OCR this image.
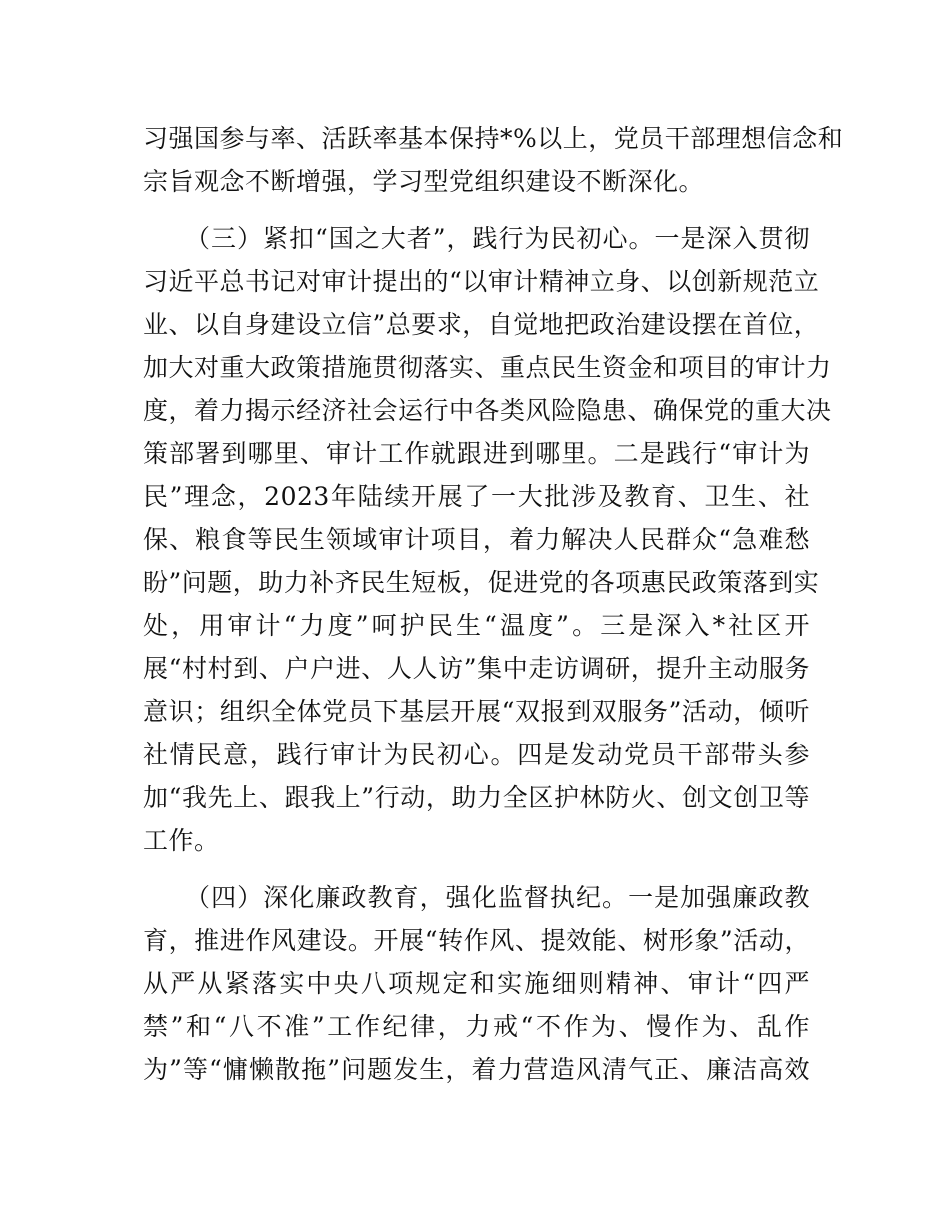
习强国参与率、活跃率基本保持*%以上，党员干部理想信念和
宗旨观念不断增强，学习型党组织建设不断深化。
（三）紧扣“国之大者”，践行为民初心。一是深入贯彻
习近平总书记对审计提出的“以审计精神立身、以创新规范立
业、以自身建设立信”总要求，自觉地把政治建设摆在首位，
加大对重大政策措施贯彻落实、重点民生资金和项目的审计力
度，着力揭示经济社会运行中各类风险隐患、确保党的重大决
策部署到哪里、审计工作就跟进到哪里。二是践行“审计为
民”理念，2023年陆续开展了一大批涉及教育、卫生、社
保、粮食等民生领域审计项目，着力解决人民群众“急难愁
盼”问题，助力补齐民生短板，促进党的各项惠民政策落到实
处，用审计“力度”呵护民生“温度”。三是深入*社区开
展“村村到、户户进、人人访”集中走访调研，提升主动服务
意识；组织全体党员下基层开展“双报到双服务”活动，倾听
社情民意，践行审计为民初心。四是发动党员干部带头参
加“我先上、跟我上”行动，助力全区护林防火、创文创卫等
工作。
（四）深化廉政教育，强化监督执纪。一是加强廉政教
育，推进作风建设。开展“转作风、提效能、树形象”活动，
从严从紧落实中央八项规定和实施细则精神、审计“四严
禁”和“八不准”工作纪律，力戒“不作为、慢作为、乱作
为”等“慵懒散拖”问题发生，着力营造风清气正、廉洁高效
